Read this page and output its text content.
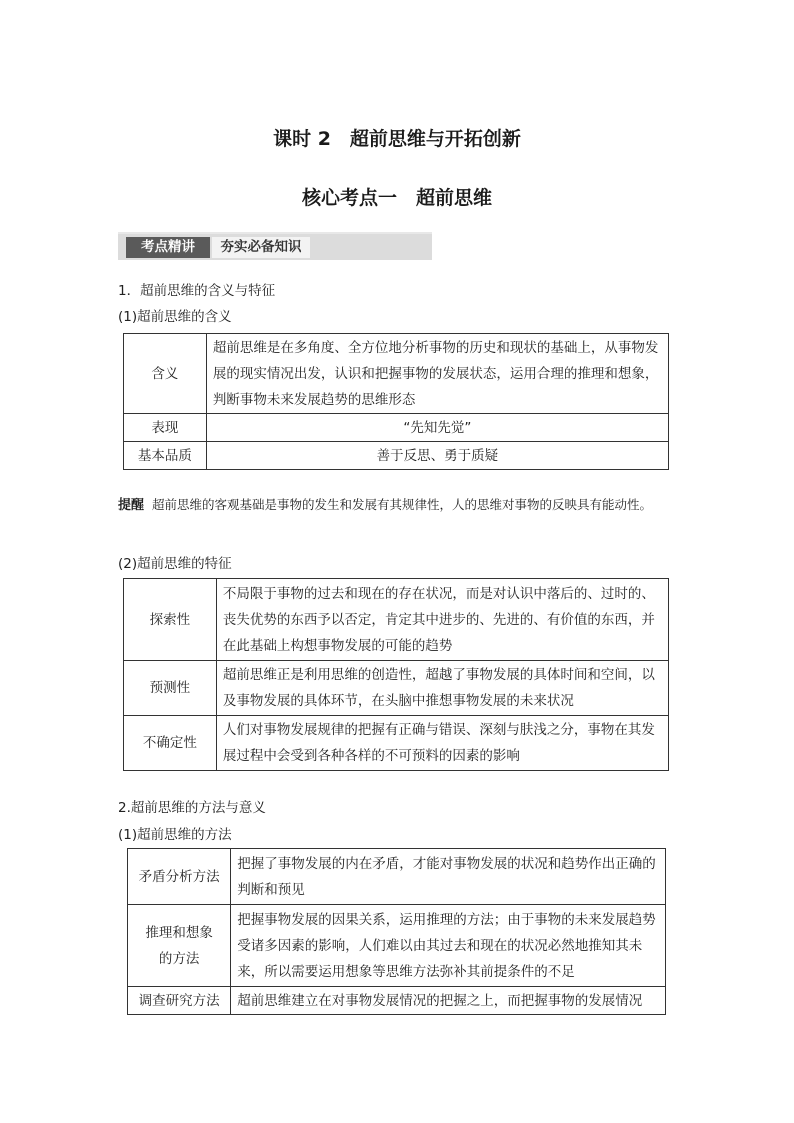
课时 2　超前思维与开拓创新
核心考点一　超前思维
考点精讲	夯实必备知识
1．超前思维的含义与特征
(1)超前思维的含义
含义	超前思维是在多角度、全方位地分析事物的历史和现状的基础上，从事物发展的现实情况出发，认识和把握事物的发展状态，运用合理的推理和想象，判断事物未来发展趋势的思维形态
表现	“先知先觉”
基本品质	善于反思、勇于质疑
提醒 超前思维的客观基础是事物的发生和发展有其规律性，人的思维对事物的反映具有能动性。
(2)超前思维的特征
探索性	不局限于事物的过去和现在的存在状况，而是对认识中落后的、过时的、丧失优势的东西予以否定，肯定其中进步的、先进的、有价值的东西，并在此基础上构想事物发展的可能的趋势
预测性	超前思维正是利用思维的创造性，超越了事物发展的具体时间和空间，以及事物发展的具体环节，在头脑中推想事物发展的未来状况
不确定性	人们对事物发展规律的把握有正确与错误、深刻与肤浅之分，事物在其发展过程中会受到各种各样的不可预料的因素的影响
2.超前思维的方法与意义
(1)超前思维的方法
矛盾分析方法	把握了事物发展的内在矛盾，才能对事物发展的状况和趋势作出正确的判断和预见
推理和想象的方法	把握事物发展的因果关系，运用推理的方法；由于事物的未来发展趋势受诸多因素的影响，人们难以由其过去和现在的状况必然地推知其未来，所以需要运用想象等思维方法弥补其前提条件的不足
调查研究方法	超前思维建立在对事物发展情况的把握之上，而把握事物的发展情况
